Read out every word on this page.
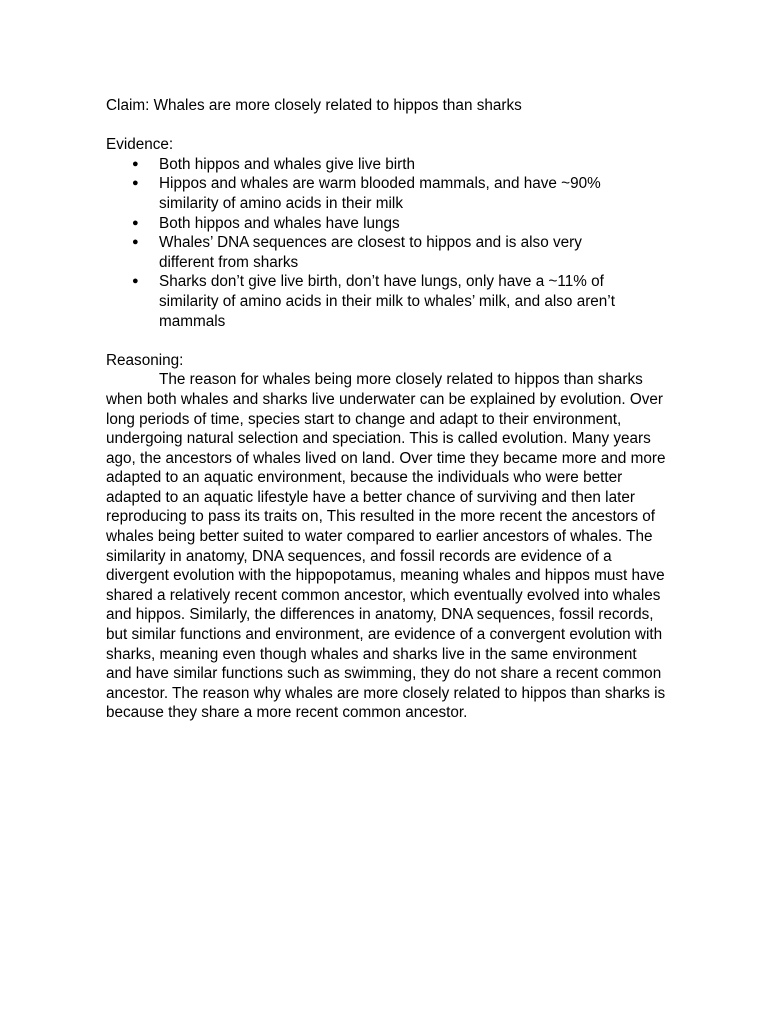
Claim: Whales are more closely related to hippos than sharks

Evidence:

● Both hippos and whales give live birth
● Hippos and whales are warm blooded mammals, and have ~90% similarity of amino acids in their milk
● Both hippos and whales have lungs
● Whales’ DNA sequences are closest to hippos and is also very different from sharks
● Sharks don’t give live birth, don’t have lungs, only have a ~11% of similarity of amino acids in their milk to whales’ milk, and also aren’t mammals

Reasoning:

The reason for whales being more closely related to hippos than sharks when both whales and sharks live underwater can be explained by evolution. Over long periods of time, species start to change and adapt to their environment, undergoing natural selection and speciation. This is called evolution. Many years ago, the ancestors of whales lived on land. Over time they became more and more adapted to an aquatic environment, because the individuals who were better adapted to an aquatic lifestyle have a better chance of surviving and then later reproducing to pass its traits on, This resulted in the more recent the ancestors of whales being better suited to water compared to earlier ancestors of whales. The similarity in anatomy, DNA sequences, and fossil records are evidence of a divergent evolution with the hippopotamus, meaning whales and hippos must have shared a relatively recent common ancestor, which eventually evolved into whales and hippos. Similarly, the differences in anatomy, DNA sequences, fossil records, but similar functions and environment, are evidence of a convergent evolution with sharks, meaning even though whales and sharks live in the same environment and have similar functions such as swimming, they do not share a recent common ancestor. The reason why whales are more closely related to hippos than sharks is because they share a more recent common ancestor.
